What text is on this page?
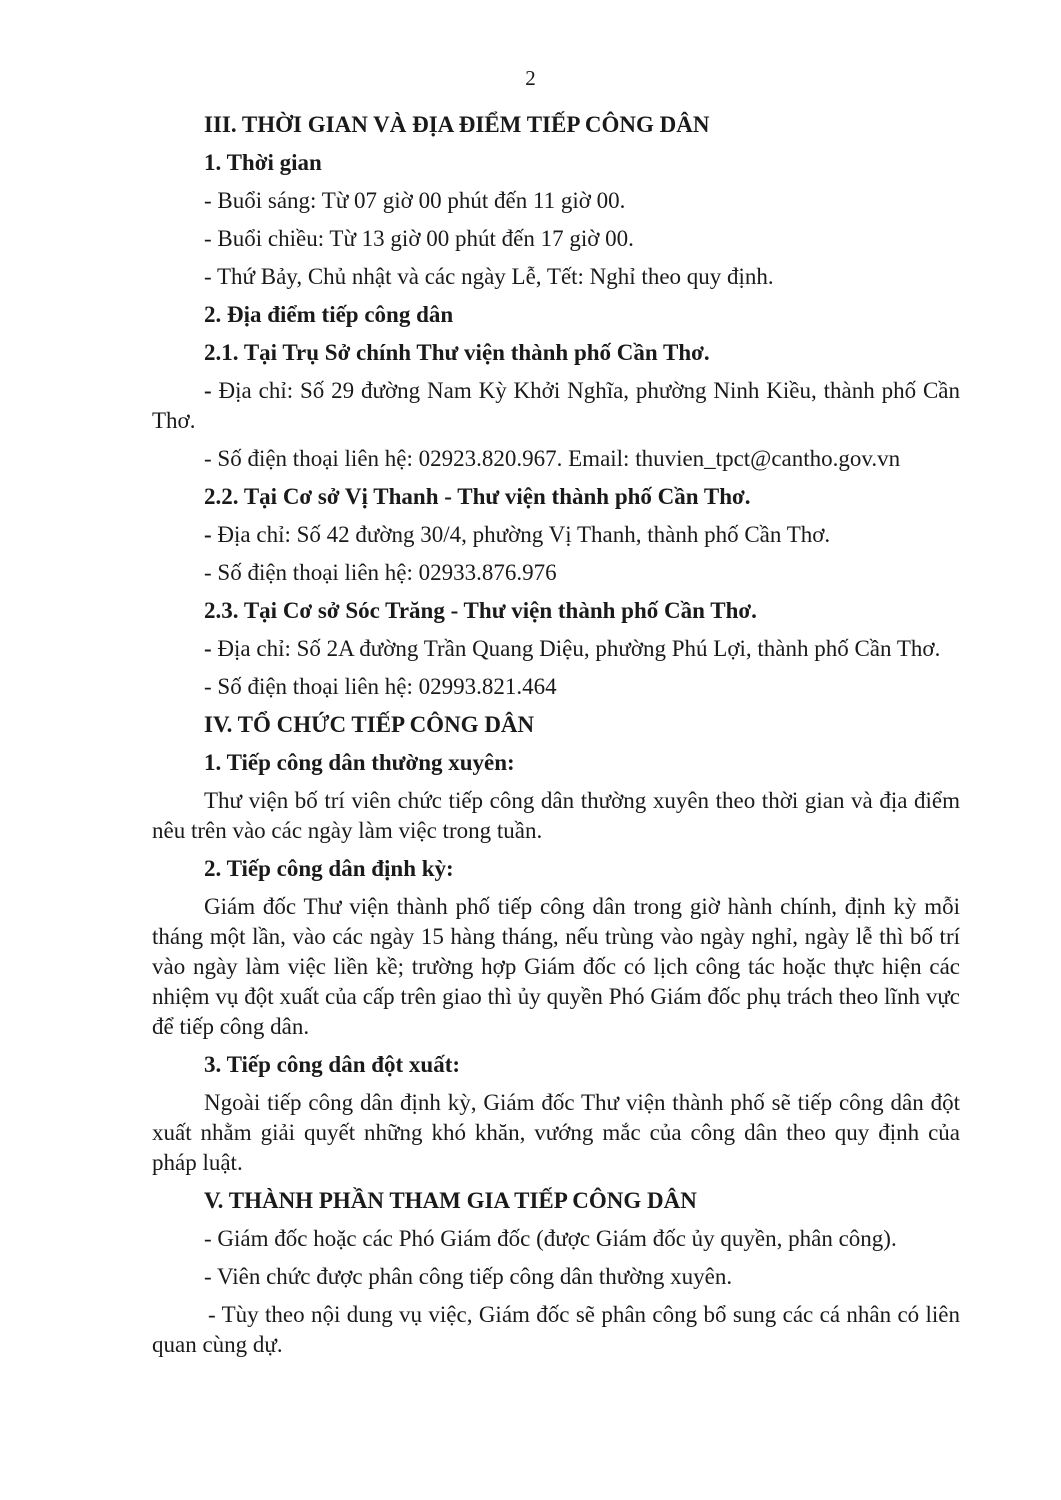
2

III. THỜI GIAN VÀ ĐỊA ĐIỂM TIẾP CÔNG DÂN

1. Thời gian

- Buổi sáng: Từ 07 giờ 00 phút đến 11 giờ 00.

- Buổi chiều: Từ 13 giờ 00 phút đến 17 giờ 00.

- Thứ Bảy, Chủ nhật và các ngày Lễ, Tết: Nghỉ theo quy định.

2. Địa điểm tiếp công dân

2.1. Tại Trụ Sở chính Thư viện thành phố Cần Thơ.

- Địa chỉ: Số 29 đường Nam Kỳ Khởi Nghĩa, phường Ninh Kiều, thành phố Cần Thơ.

- Số điện thoại liên hệ: 02923.820.967. Email: thuvien_tpct@cantho.gov.vn

2.2. Tại Cơ sở Vị Thanh - Thư viện thành phố Cần Thơ.

- Địa chỉ: Số 42 đường 30/4, phường Vị Thanh, thành phố Cần Thơ.

- Số điện thoại liên hệ: 02933.876.976

2.3. Tại Cơ sở Sóc Trăng - Thư viện thành phố Cần Thơ.

- Địa chỉ: Số 2A đường Trần Quang Diệu, phường Phú Lợi, thành phố Cần Thơ.

- Số điện thoại liên hệ: 02993.821.464

IV. TỔ CHỨC TIẾP CÔNG DÂN

1. Tiếp công dân thường xuyên:

Thư viện bố trí viên chức tiếp công dân thường xuyên theo thời gian và địa điểm nêu trên vào các ngày làm việc trong tuần.

2. Tiếp công dân định kỳ:

Giám đốc Thư viện thành phố tiếp công dân trong giờ hành chính, định kỳ mỗi tháng một lần, vào các ngày 15 hàng tháng, nếu trùng vào ngày nghỉ, ngày lễ thì bố trí vào ngày làm việc liền kề; trường hợp Giám đốc có lịch công tác hoặc thực hiện các nhiệm vụ đột xuất của cấp trên giao thì ủy quyền Phó Giám đốc phụ trách theo lĩnh vực để tiếp công dân.

3. Tiếp công dân đột xuất:

Ngoài tiếp công dân định kỳ, Giám đốc Thư viện thành phố sẽ tiếp công dân đột xuất nhằm giải quyết những khó khăn, vướng mắc của công dân theo quy định của pháp luật.

V. THÀNH PHẦN THAM GIA TIẾP CÔNG DÂN

- Giám đốc hoặc các Phó Giám đốc (được Giám đốc ủy quyền, phân công).

- Viên chức được phân công tiếp công dân thường xuyên.

- Tùy theo nội dung vụ việc, Giám đốc sẽ phân công bổ sung các cá nhân có liên quan cùng dự.
